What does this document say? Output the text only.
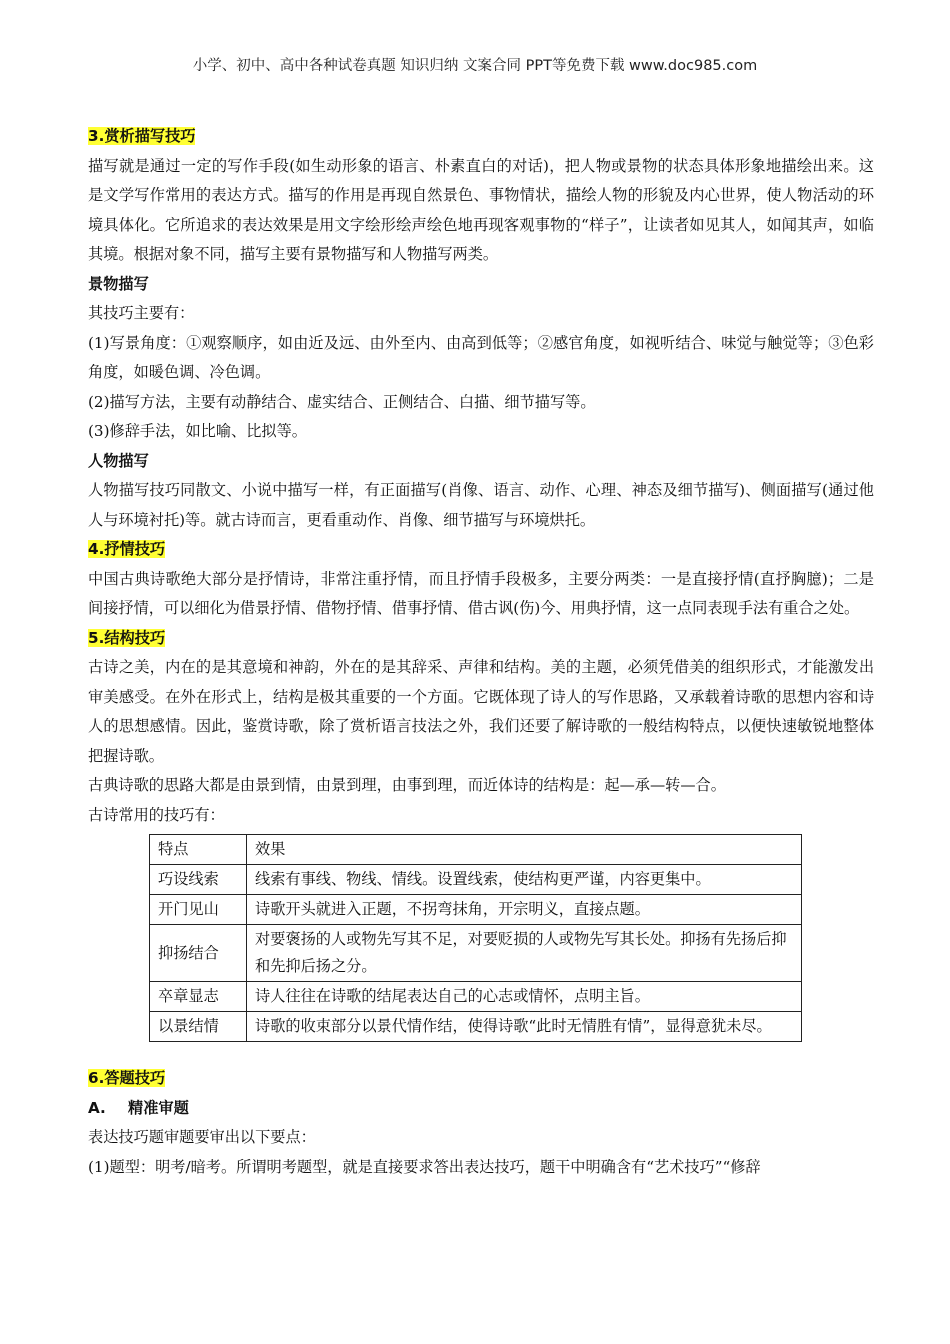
小学、初中、高中各种试卷真题 知识归纳 文案合同 PPT等免费下载 www.doc985.com

3.赏析描写技巧

描写就是通过一定的写作手段(如生动形象的语言、朴素直白的对话)，把人物或景物的状态具体形象地描绘出来。这是文学写作常用的表达方式。描写的作用是再现自然景色、事物情状，描绘人物的形貌及内心世界，使人物活动的环境具体化。它所追求的表达效果是用文字绘形绘声绘色地再现客观事物的“样子”，让读者如见其人，如闻其声，如临其境。根据对象不同，描写主要有景物描写和人物描写两类。

景物描写

其技巧主要有：

(1)写景角度：①观察顺序，如由近及远、由外至内、由高到低等；②感官角度，如视听结合、味觉与触觉等；③色彩角度，如暖色调、冷色调。

(2)描写方法，主要有动静结合、虚实结合、正侧结合、白描、细节描写等。

(3)修辞手法，如比喻、比拟等。

人物描写

人物描写技巧同散文、小说中描写一样，有正面描写(肖像、语言、动作、心理、神态及细节描写)、侧面描写(通过他人与环境衬托)等。就古诗而言，更看重动作、肖像、细节描写与环境烘托。

4.抒情技巧

中国古典诗歌绝大部分是抒情诗，非常注重抒情，而且抒情手段极多，主要分两类：一是直接抒情(直抒胸臆)；二是间接抒情，可以细化为借景抒情、借物抒情、借事抒情、借古讽(伤)今、用典抒情，这一点同表现手法有重合之处。

5.结构技巧

古诗之美，内在的是其意境和神韵，外在的是其辞采、声律和结构。美的主题，必须凭借美的组织形式，才能激发出审美感受。在外在形式上，结构是极其重要的一个方面。它既体现了诗人的写作思路，又承载着诗歌的思想内容和诗人的思想感情。因此，鉴赏诗歌，除了赏析语言技法之外，我们还要了解诗歌的一般结构特点，以便快速敏锐地整体把握诗歌。

古典诗歌的思路大都是由景到情，由景到理，由事到理，而近体诗的结构是：起—承—转—合。

古诗常用的技巧有：

特点	效果
巧设线索	线索有事线、物线、情线。设置线索，使结构更严谨，内容更集中。
开门见山	诗歌开头就进入正题，不拐弯抹角，开宗明义，直接点题。
抑扬结合	对要褒扬的人或物先写其不足，对要贬损的人或物先写其长处。抑扬有先扬后抑和先抑后扬之分。
卒章显志	诗人往往在诗歌的结尾表达自己的心志或情怀，点明主旨。
以景结情	诗歌的收束部分以景代情作结，使得诗歌“此时无情胜有情”，显得意犹未尽。

6.答题技巧

A. 精准审题

表达技巧题审题要审出以下要点：

(1)题型：明考/暗考。所谓明考题型，就是直接要求答出表达技巧，题干中明确含有“艺术技巧”“修辞
